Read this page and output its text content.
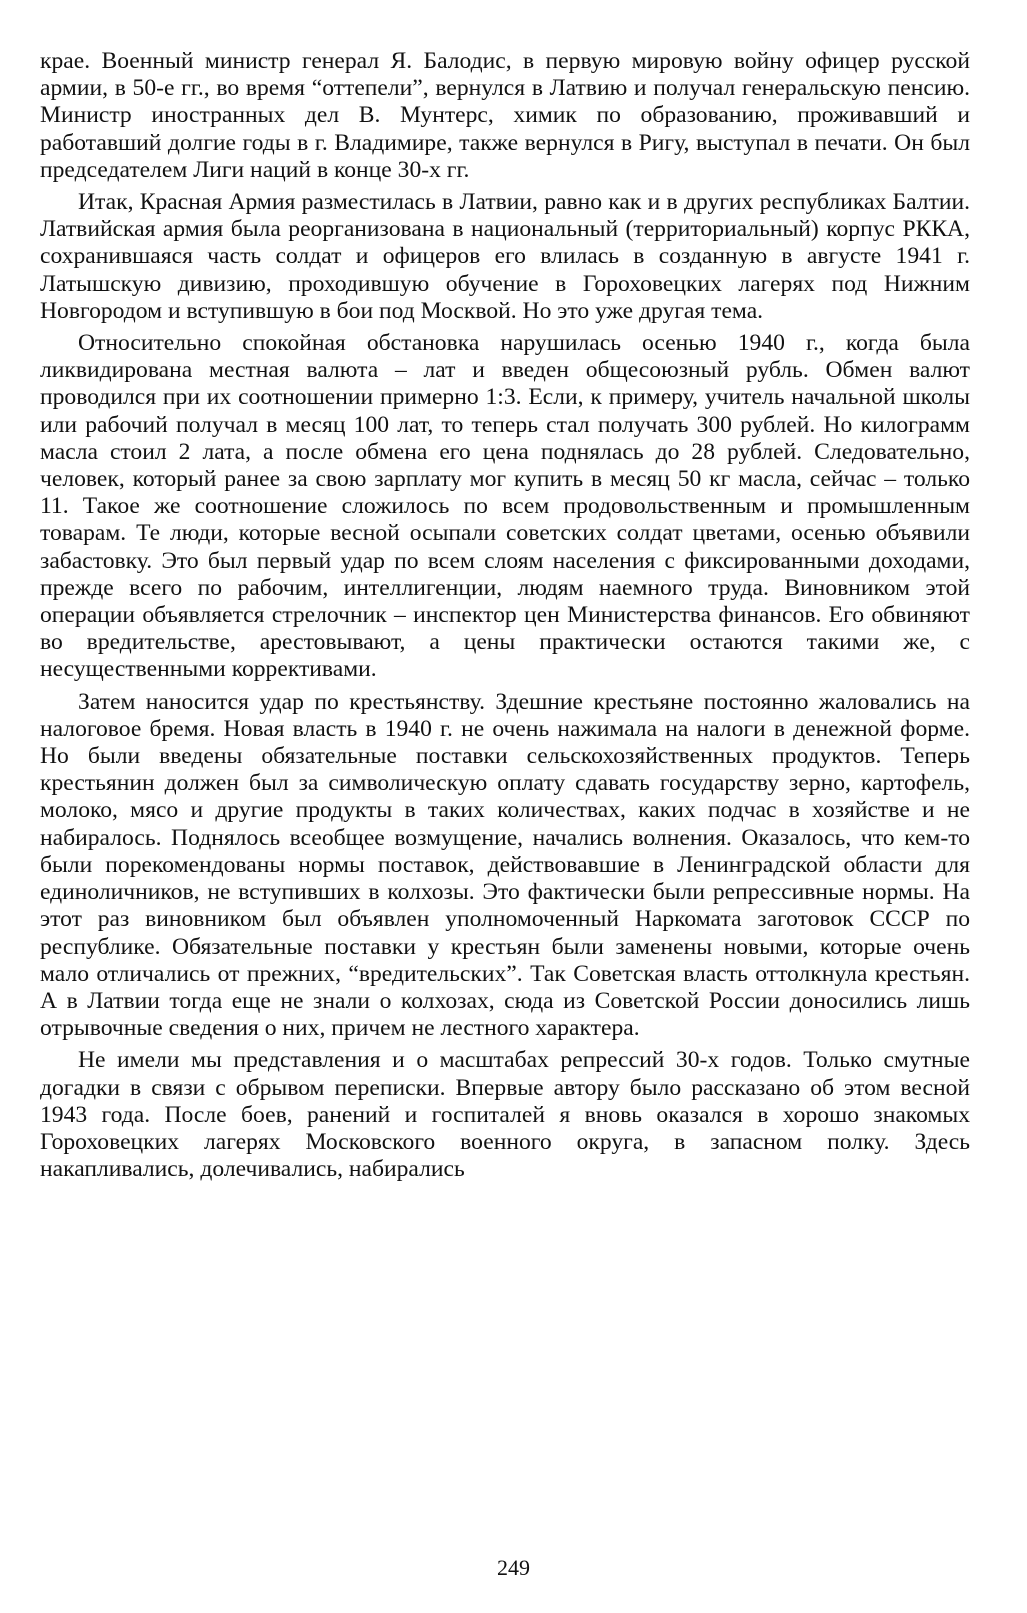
крае. Военный министр генерал Я. Балодис, в первую мировую войну офицер русской армии, в 50-е гг., во время “оттепели”, вернулся в Латвию и получал генеральскую пенсию. Министр иностранных дел В. Мунтерс, химик по образованию, проживавший и работавший долгие годы в г. Владимире, также вернулся в Ригу, выступал в печати. Он был председателем Лиги наций в конце 30-х гг.

Итак, Красная Армия разместилась в Латвии, равно как и в других республиках Балтии. Латвийская армия была реорганизована в национальный (территориальный) корпус РККА, сохранившаяся часть солдат и офицеров его влилась в созданную в августе 1941 г. Латышскую дивизию, проходившую обучение в Гороховецких лагерях под Нижним Новгородом и вступившую в бои под Москвой. Но это уже другая тема.

Относительно спокойная обстановка нарушилась осенью 1940 г., когда была ликвидирована местная валюта – лат и введен общесоюзный рубль. Обмен валют проводился при их соотношении примерно 1:3. Если, к примеру, учитель начальной школы или рабочий получал в месяц 100 лат, то теперь стал получать 300 рублей. Но килограмм масла стоил 2 лата, а после обмена его цена поднялась до 28 рублей. Следовательно, человек, который ранее за свою зарплату мог купить в месяц 50 кг масла, сейчас – только 11. Такое же соотношение сложилось по всем продовольственным и промышленным товарам. Те люди, которые весной осыпали советских солдат цветами, осенью объявили забастовку. Это был первый удар по всем слоям населения с фиксированными доходами, прежде всего по рабочим, интеллигенции, людям наемного труда. Виновником этой операции объявляется стрелочник – инспектор цен Министерства финансов. Его обвиняют во вредительстве, арестовывают, а цены практически остаются такими же, с несущественными коррективами.

Затем наносится удар по крестьянству. Здешние крестьяне постоянно жаловались на налоговое бремя. Новая власть в 1940 г. не очень нажимала на налоги в денежной форме. Но были введены обязательные поставки сельскохозяйственных продуктов. Теперь крестьянин должен был за символическую оплату сдавать государству зерно, картофель, молоко, мясо и другие продукты в таких количествах, каких подчас в хозяйстве и не набиралось. Поднялось всеобщее возмущение, начались волнения. Оказалось, что кем-то были порекомендованы нормы поставок, действовавшие в Ленинградской области для единоличников, не вступивших в колхозы. Это фактически были репрессивные нормы. На этот раз виновником был объявлен уполномоченный Наркомата заготовок СССР по республике. Обязательные поставки у крестьян были заменены новыми, которые очень мало отличались от прежних, “вредительских”. Так Советская власть оттолкнула крестьян. А в Латвии тогда еще не знали о колхозах, сюда из Советской России доносились лишь отрывочные сведения о них, причем не лестного характера.

Не имели мы представления и о масштабах репрессий 30-х годов. Только смутные догадки в связи с обрывом переписки. Впервые автору было рассказано об этом весной 1943 года. После боев, ранений и госпиталей я вновь оказался в хорошо знакомых Гороховецких лагерях Московского военного округа, в запасном полку. Здесь накапливались, долечивались, набирались

249
